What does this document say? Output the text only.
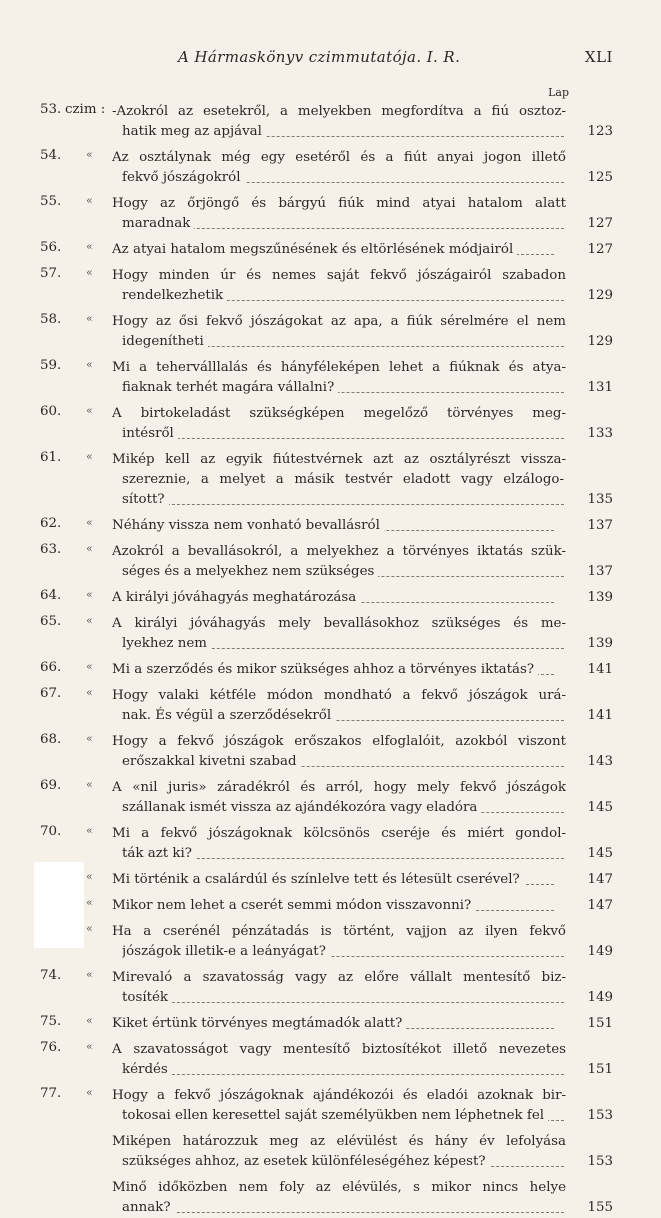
A Hármaskönyv czimmutatója. I. R.	XLI
Lap
53. czim : -Azokról az esetekről, a melyekben megfordítva a fiú osztoz-
hatik meg az apjával	123
54. « Az osztálynak még egy esetéről és a fiút anyai jogon illető
fekvő jószágokról	125
55. « Hogy az őrjöngő és bárgyú fiúk mind atyai hatalom alatt
maradnak	127
56. « Az atyai hatalom megszűnésének és eltörlésének módjairól	127
57. « Hogy minden úr és nemes saját fekvő jószágairól szabadon
rendelkezhetik	129
58. « Hogy az ősi fekvő jószágokat az apa, a fiúk sérelmére el nem
idegenítheti	129
59. « Mi a teherválllalás és hányféleképen lehet a fiúknak és atya-
fiaknak terhét magára vállalni?	131
60. « A birtokeladást szükségképen megelőző törvényes meg-
intésről	133
61. « Mikép kell az egyik fiútestvérnek azt az osztályrészt vissza-
szereznie, a melyet a másik testvér eladott vagy elzálogo-
sított?	135
62. « Néhány vissza nem vonható bevallásról	137
63. « Azokról a bevallásokról, a melyekhez a törvényes iktatás szük-
séges és a melyekhez nem szükséges	137
64. « A királyi jóváhagyás meghatározása	139
65. « A királyi jóváhagyás mely bevallásokhoz szükséges és me-
lyekhez nem	139
66. « Mi a szerződés és mikor szükséges ahhoz a törvényes iktatás?	141
67. « Hogy valaki kétféle módon mondható a fekvő jószágok urá-
nak. És végül a szerződésekről	141
68. « Hogy a fekvő jószágok erőszakos elfoglalóit, azokból viszont
erőszakkal kivetni szabad	143
69. « A «nil juris» záradékról és arról, hogy mely fekvő jószágok
szállanak ismét vissza az ajándékozóra vagy eladóra	145
70. « Mi a fekvő jószágoknak kölcsönös cseréje és miért gondol-
ták azt ki?	145
« Mi történik a csalárdúl és színlelve tett és létesült cserével?	147
« Mikor nem lehet a cserét semmi módon visszavonni?	147
« Ha a cserénél pénzátadás is történt, vajjon az ilyen fekvő
jószágok illetik-e a leányágat?	149
74. « Mirevaló a szavatosság vagy az előre vállalt mentesítő biz-
tosíték	149
75. « Kiket értünk törvényes megtámadók alatt?	151
76. « A szavatosságot vagy mentesítő biztosítékot illető nevezetes
kérdés	151
77. « Hogy a fekvő jószágoknak ajándékozói és eladói azoknak bir-
tokosai ellen keresettel saját személyükben nem léphetnek fel	153
Miképen határozzuk meg az elévülést és hány év lefolyása
szükséges ahhoz, az esetek különféleségéhez képest?	153
Minő időközben nem foly az elévülés, s mikor nincs helye
annak?	155
